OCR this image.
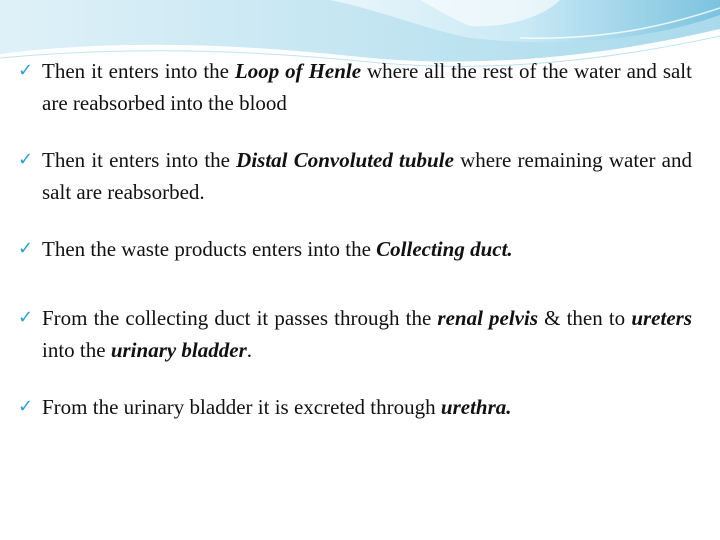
✓ Then it enters into the Loop of Henle where all the rest of the water and salt are reabsorbed into the blood
✓ Then it enters into the Distal Convoluted tubule where remaining water and salt are reabsorbed.
✓ Then the waste products enters into the Collecting duct.
✓ From the collecting duct it passes through the renal pelvis & then to ureters into the urinary bladder.
✓ From the urinary bladder it is excreted through urethra.
